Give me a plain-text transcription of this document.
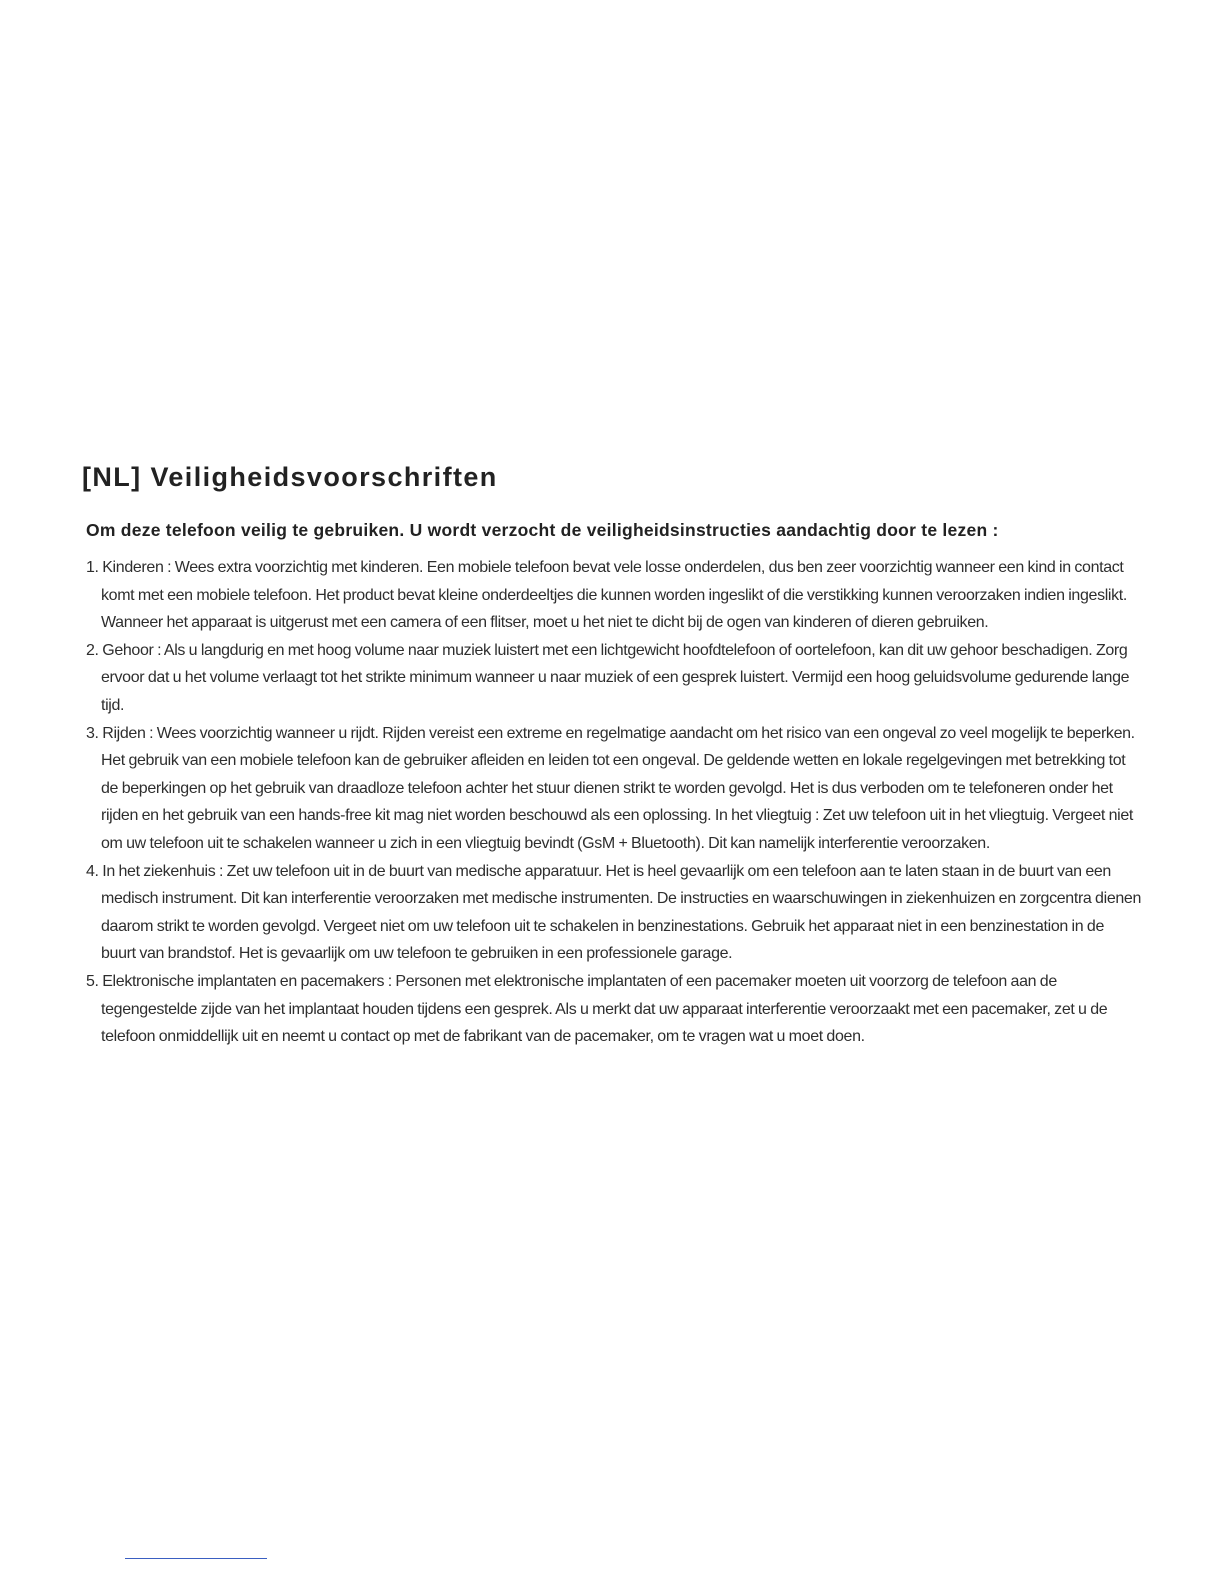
[NL] Veiligheidsvoorschriften

Om deze telefoon veilig te gebruiken. U wordt verzocht de veiligheidsinstructies aandachtig door te lezen :

1. Kinderen : Wees extra voorzichtig met kinderen. Een mobiele telefoon bevat vele losse onderdelen, dus ben zeer voorzichtig wanneer een kind in contact komt met een mobiele telefoon. Het product bevat kleine onderdeeltjes die kunnen worden ingeslikt of die verstikking kunnen veroorzaken indien ingeslikt. Wanneer het apparaat is uitgerust met een camera of een flitser, moet u het niet te dicht bij de ogen van kinderen of dieren gebruiken.
2. Gehoor : Als u langdurig en met hoog volume naar muziek luistert met een lichtgewicht hoofdtelefoon of oortelefoon, kan dit uw gehoor beschadigen. Zorg ervoor dat u het volume verlaagt tot het strikte minimum wanneer u naar muziek of een gesprek luistert. Vermijd een hoog geluidsvolume gedurende lange tijd.
3. Rijden : Wees voorzichtig wanneer u rijdt. Rijden vereist een extreme en regelmatige aandacht om het risico van een ongeval zo veel mogelijk te beperken. Het gebruik van een mobiele telefoon kan de gebruiker afleiden en leiden tot een ongeval. De geldende wetten en lokale regelgevingen met betrekking tot de beperkingen op het gebruik van draadloze telefoon achter het stuur dienen strikt te worden gevolgd. Het is dus verboden om te telefoneren onder het rijden en het gebruik van een hands-free kit mag niet worden beschouwd als een oplossing. In het vliegtuig : Zet uw telefoon uit in het vliegtuig. Vergeet niet om uw telefoon uit te schakelen wanneer u zich in een vliegtuig bevindt (GsM + Bluetooth). Dit kan namelijk interferentie veroorzaken.
4. In het ziekenhuis : Zet uw telefoon uit in de buurt van medische apparatuur. Het is heel gevaarlijk om een telefoon aan te laten staan in de buurt van een medisch instrument. Dit kan interferentie veroorzaken met medische instrumenten. De instructies en waarschuwingen in ziekenhuizen en zorgcentra dienen daarom strikt te worden gevolgd. Vergeet niet om uw telefoon uit te schakelen in benzinestations. Gebruik het apparaat niet in een benzinestation in de buurt van brandstof. Het is gevaarlijk om uw telefoon te gebruiken in een professionele garage.
5. Elektronische implantaten en pacemakers : Personen met elektronische implantaten of een pacemaker moeten uit voorzorg de telefoon aan de tegengestelde zijde van het implantaat houden tijdens een gesprek. Als u merkt dat uw apparaat interferentie veroorzaakt met een pacemaker, zet u de telefoon onmiddellijk uit en neemt u contact op met de fabrikant van de pacemaker, om te vragen wat u moet doen.
